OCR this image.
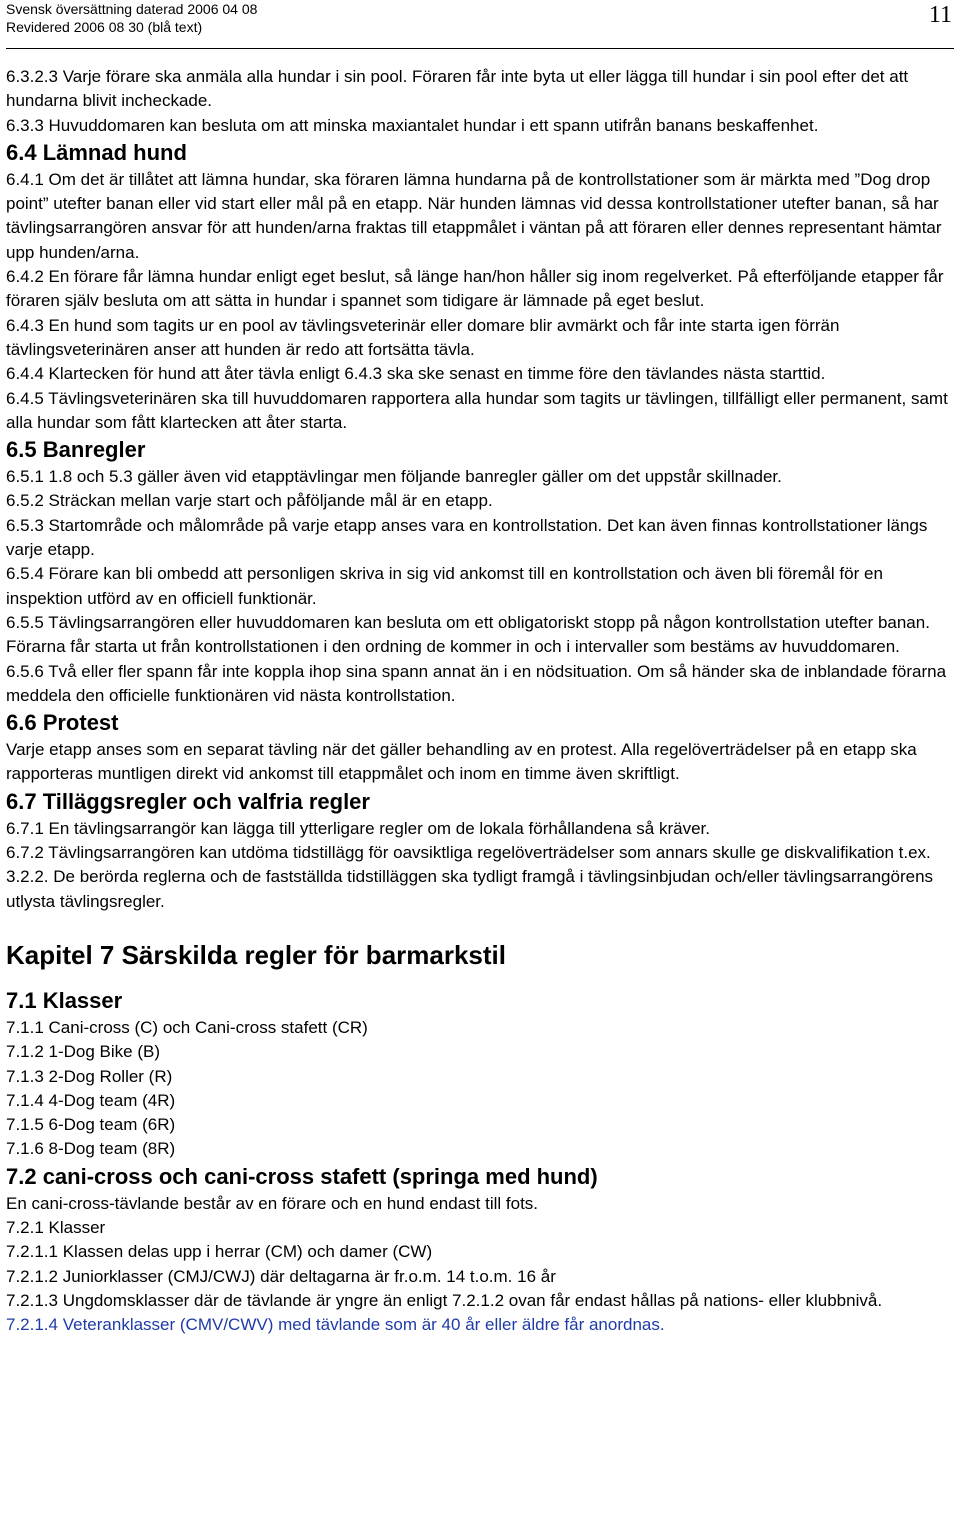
Svensk översättning daterad 2006 04 08
Revidered 2006 08 30 (blå text)	11

6.3.2.3 Varje förare ska anmäla alla hundar i sin pool. Föraren får inte byta ut eller lägga till hundar i sin pool efter det att hundarna blivit incheckade.

6.3.3 Huvuddomaren kan besluta om att minska maxiantalet hundar i ett spann utifrån banans beskaffenhet.

6.4 Lämnad hund

6.4.1 Om det är tillåtet att lämna hundar, ska föraren lämna hundarna på de kontrollstationer som är märkta med ”Dog drop point” utefter banan eller vid start eller mål på en etapp. När hunden lämnas vid dessa kontrollstationer utefter banan, så har tävlingsarrangören ansvar för att hunden/arna fraktas till etappmålet i väntan på att föraren eller dennes representant hämtar upp hunden/arna.

6.4.2 En förare får lämna hundar enligt eget beslut, så länge han/hon håller sig inom regelverket. På efterföljande etapper får föraren själv besluta om att sätta in hundar i spannet som tidigare är lämnade på eget beslut.

6.4.3 En hund som tagits ur en pool av tävlingsveterinär eller domare blir avmärkt och får inte starta igen förrän tävlingsveterinären anser att hunden är redo att fortsätta tävla.

6.4.4 Klartecken för hund att åter tävla enligt 6.4.3 ska ske senast en timme före den tävlandes nästa starttid.

6.4.5 Tävlingsveterinären ska till huvuddomaren rapportera alla hundar som tagits ur tävlingen, tillfälligt eller permanent, samt alla hundar som fått klartecken att åter starta.

6.5 Banregler

6.5.1 1.8 och 5.3 gäller även vid etapptävlingar men följande banregler gäller om det uppstår skillnader.

6.5.2 Sträckan mellan varje start och påföljande mål är en etapp.

6.5.3 Startområde och målområde på varje etapp anses vara en kontrollstation. Det kan även finnas kontrollstationer längs varje etapp.

6.5.4 Förare kan bli ombedd att personligen skriva in sig vid ankomst till en kontrollstation och även bli föremål för en inspektion utförd av en officiell funktionär.

6.5.5 Tävlingsarrangören eller huvuddomaren kan besluta om ett obligatoriskt stopp på någon kontrollstation utefter banan. Förarna får starta ut från kontrollstationen i den ordning de kommer in och i intervaller som bestäms av huvuddomaren.

6.5.6 Två eller fler spann får inte koppla ihop sina spann annat än i en nödsituation. Om så händer ska de inblandade förarna meddela den officielle funktionären vid nästa kontrollstation.

6.6 Protest

Varje etapp anses som en separat tävling när det gäller behandling av en protest. Alla regelöverträdelser på en etapp ska rapporteras muntligen direkt vid ankomst till etappmålet och inom en timme även skriftligt.

6.7 Tilläggsregler och valfria regler

6.7.1 En tävlingsarrangör kan lägga till ytterligare regler om de lokala förhållandena så kräver.

6.7.2 Tävlingsarrangören kan utdöma tidstillägg för oavsiktliga regelöverträdelser som annars skulle ge diskvalifikation t.ex. 3.2.2. De berörda reglerna och de fastställda tidstilläggen ska tydligt framgå i tävlingsinbjudan och/eller tävlingsarrangörens utlysta tävlingsregler.

Kapitel 7 Särskilda regler för barmarkstil
7.1 Klasser

7.1.1 Cani-cross (C) och Cani-cross stafett (CR)

7.1.2 1-Dog Bike (B)

7.1.3 2-Dog Roller (R)

7.1.4 4-Dog team (4R)

7.1.5 6-Dog team (6R)

7.1.6 8-Dog team (8R)

7.2 cani-cross och cani-cross stafett (springa med hund)

En cani-cross-tävlande består av en förare och en hund endast till fots.

7.2.1 Klasser

7.2.1.1 Klassen delas upp i herrar (CM) och damer (CW)

7.2.1.2 Juniorklasser (CMJ/CWJ) där deltagarna är fr.o.m. 14 t.o.m. 16 år

7.2.1.3 Ungdomsklasser där de tävlande är yngre än enligt 7.2.1.2 ovan får endast hållas på nations- eller klubbnivå.

7.2.1.4 Veteranklasser (CMV/CWV) med tävlande som är 40 år eller äldre får anordnas.
